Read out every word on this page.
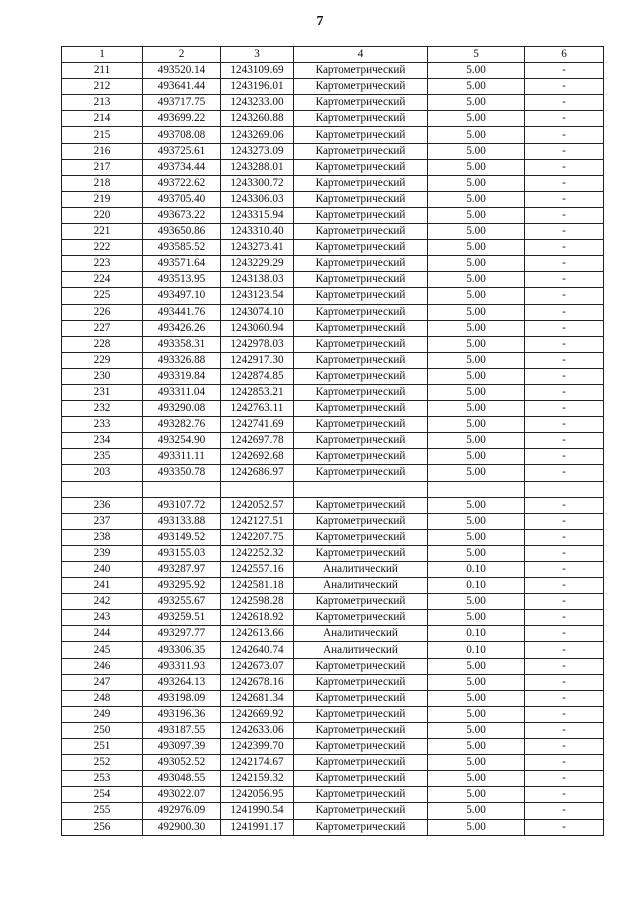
7
1	2	3	4	5	6
211	493520.14	1243109.69	Картометрический	5.00	-
212	493641.44	1243196.01	Картометрический	5.00	-
213	493717.75	1243233.00	Картометрический	5.00	-
214	493699.22	1243260.88	Картометрический	5.00	-
215	493708.08	1243269.06	Картометрический	5.00	-
216	493725.61	1243273.09	Картометрический	5.00	-
217	493734.44	1243288.01	Картометрический	5.00	-
218	493722.62	1243300.72	Картометрический	5.00	-
219	493705.40	1243306.03	Картометрический	5.00	-
220	493673.22	1243315.94	Картометрический	5.00	-
221	493650.86	1243310.40	Картометрический	5.00	-
222	493585.52	1243273.41	Картометрический	5.00	-
223	493571.64	1243229.29	Картометрический	5.00	-
224	493513.95	1243138.03	Картометрический	5.00	-
225	493497.10	1243123.54	Картометрический	5.00	-
226	493441.76	1243074.10	Картометрический	5.00	-
227	493426.26	1243060.94	Картометрический	5.00	-
228	493358.31	1242978.03	Картометрический	5.00	-
229	493326.88	1242917.30	Картометрический	5.00	-
230	493319.84	1242874.85	Картометрический	5.00	-
231	493311.04	1242853.21	Картометрический	5.00	-
232	493290.08	1242763.11	Картометрический	5.00	-
233	493282.76	1242741.69	Картометрический	5.00	-
234	493254.90	1242697.78	Картометрический	5.00	-
235	493311.11	1242692.68	Картометрический	5.00	-
203	493350.78	1242686.97	Картометрический	5.00	-

236	493107.72	1242052.57	Картометрический	5.00	-
237	493133.88	1242127.51	Картометрический	5.00	-
238	493149.52	1242207.75	Картометрический	5.00	-
239	493155.03	1242252.32	Картометрический	5.00	-
240	493287.97	1242557.16	Аналитический	0.10	-
241	493295.92	1242581.18	Аналитический	0.10	-
242	493255.67	1242598.28	Картометрический	5.00	-
243	493259.51	1242618.92	Картометрический	5.00	-
244	493297.77	1242613.66	Аналитический	0.10	-
245	493306.35	1242640.74	Аналитический	0.10	-
246	493311.93	1242673.07	Картометрический	5.00	-
247	493264.13	1242678.16	Картометрический	5.00	-
248	493198.09	1242681.34	Картометрический	5.00	-
249	493196.36	1242669.92	Картометрический	5.00	-
250	493187.55	1242633.06	Картометрический	5.00	-
251	493097.39	1242399.70	Картометрический	5.00	-
252	493052.52	1242174.67	Картометрический	5.00	-
253	493048.55	1242159.32	Картометрический	5.00	-
254	493022.07	1242056.95	Картометрический	5.00	-
255	492976.09	1241990.54	Картометрический	5.00	-
256	492900.30	1241991.17	Картометрический	5.00	-
